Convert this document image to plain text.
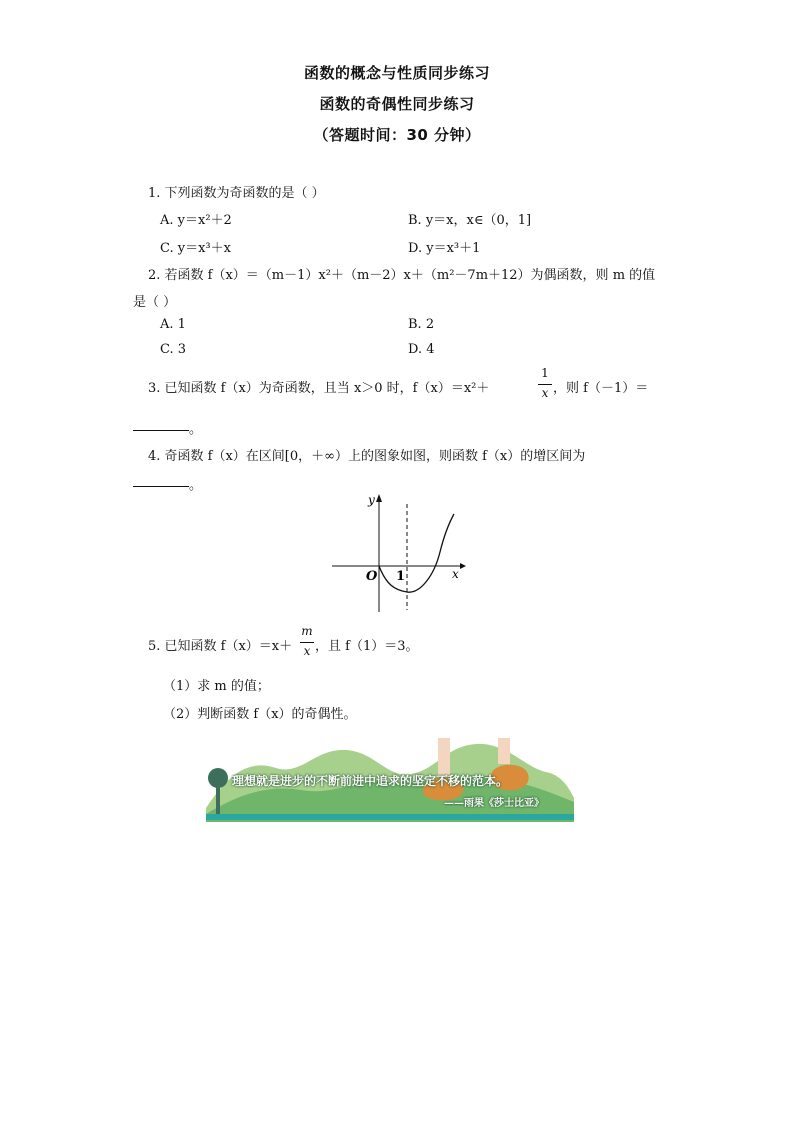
函数的概念与性质同步练习
函数的奇偶性同步练习
（答题时间：30 分钟）
1. 下列函数为奇函数的是（ ）
A. y＝x²＋2	B. y＝x，x∈（0，1]
C. y＝x³＋x	D. y＝x³＋1
2. 若函数 f（x）＝（m－1）x²＋（m－2）x＋（m²－7m＋12）为偶函数，则 m 的值
是（ ）
A. 1	B. 2
C. 3	D. 4
3. 已知函数 f（x）为奇函数，且当 x＞0 时，f（x）＝x²＋
1
x ，则 f（－1）＝
。
4. 奇函数 f（x）在区间[0，＋∞）上的图象如图，则函数 f（x）的增区间为
。
y
x
O 1
5. 已知函数 f（x）＝x＋
m
x ，且 f（1）＝3。
（1）求 m 的值；
（2）判断函数 f（x）的奇偶性。
理想就是进步的不断前进中追求的坚定不移的范本。
——雨果《莎士比亚》
